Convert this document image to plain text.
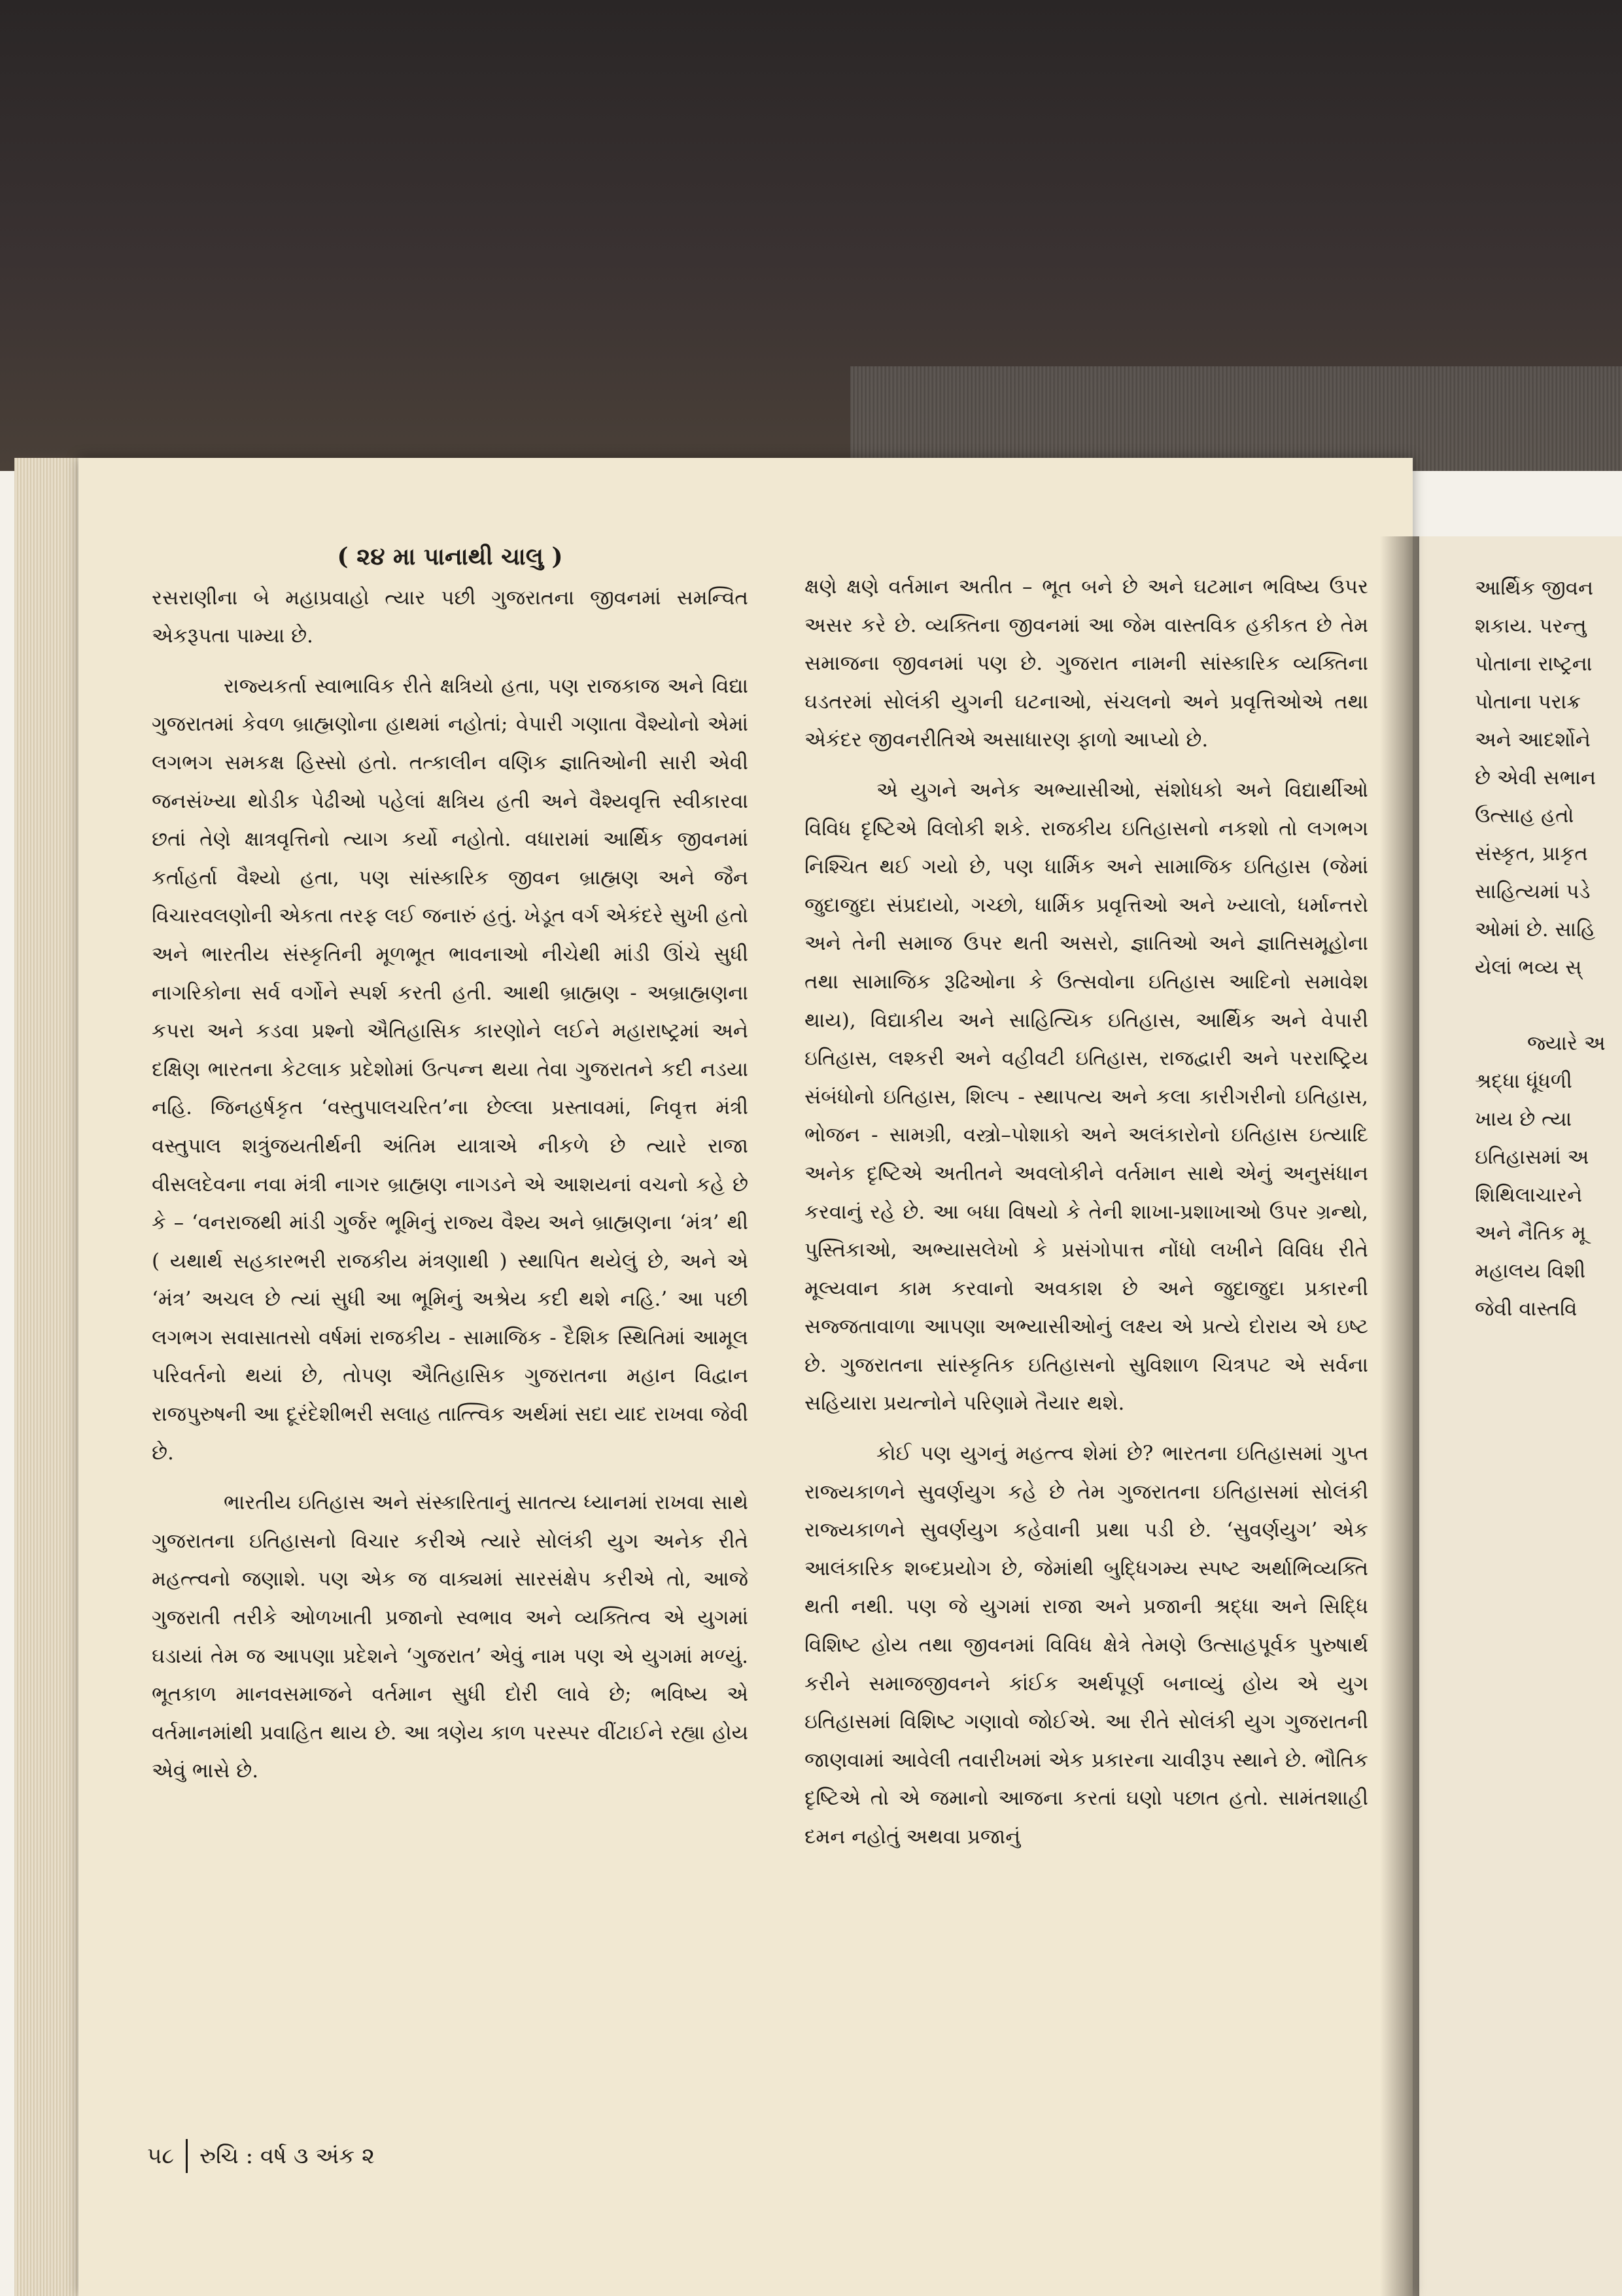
( ૨૪ મા પાનાથી ચાલુ )

રસરાણીના બે મહાપ્રવાહો ત્યાર પછી ગુજરાતના જીવનમાં સમન્વિત એકરૂપતા પામ્યા છે.

રાજ્યકર્તા સ્વાભાવિક રીતે ક્ષત્રિયો હતા, પણ રાજકાજ અને વિદ્યા ગુજરાતમાં કેવળ બ્રાહ્મણોના હાથમાં નહોતાં; વેપારી ગણાતા વૈશ્યોનો એમાં લગભગ સમકક્ષ હિસ્સો હતો. તત્કાલીન વણિક જ્ઞાતિઓની સારી એવી જનસંખ્યા થોડીક પેઢીઓ પહેલાં ક્ષત્રિય હતી અને વૈશ્યવૃત્તિ સ્વીકારવા છતાં તેણે ક્ષાત્રવૃત્તિનો ત્યાગ કર્યો નહોતો. વધારામાં આર્થિક જીવનમાં કર્તાહર્તા વૈશ્યો હતા, પણ સાંસ્કારિક જીવન બ્રાહ્મણ અને જૈન વિચારવલણોની એકતા તરફ લઈ જનારું હતું. ખેડૂત વર્ગ એકંદરે સુખી હતો અને ભારતીય સંસ્કૃતિની મૂળભૂત ભાવનાઓ નીચેથી માંડી ઊંચે સુધી નાગરિકોના સર્વ વર્ગોને સ્પર્શ કરતી હતી. આથી બ્રાહ્મણ - અબ્રાહ્મણના કપરા અને કડવા પ્રશ્નો ઐતિહાસિક કારણોને લઈને મહારાષ્ટ્રમાં અને દક્ષિણ ભારતના કેટલાક પ્રદેશોમાં ઉત્પન્ન થયા તેવા ગુજરાતને કદી નડયા નહિ. જિનહર્ષકૃત ‘વસ્તુપાલચરિત’ના છેલ્લા પ્રસ્તાવમાં, નિવૃત્ત મંત્રી વસ્તુપાલ શત્રુંજયતીર્થની અંતિમ યાત્રાએ નીકળે છે ત્યારે રાજા વીસલદેવના નવા મંત્રી નાગર બ્રાહ્મણ નાગડને એ આશયનાં વચનો કહે છે કે – ‘વનરાજથી માંડી ગુર્જર ભૂમિનું રાજ્ય વૈશ્ય અને બ્રાહ્મણના ‘મંત્ર’ થી ( યથાર્થ સહકારભરી રાજકીય મંત્રણાથી ) સ્થાપિત થયેલું છે, અને એ ‘મંત્ર’ અચલ છે ત્યાં સુધી આ ભૂમિનું અશ્રેય કદી થશે નહિ.’ આ પછી લગભગ સવાસાતસો વર્ષમાં રાજકીય - સામાજિક - દૈશિક સ્થિતિમાં આમૂલ પરિવર્તનો થયાં છે, તોપણ ઐતિહાસિક ગુજરાતના મહાન વિદ્વાન રાજપુરુષની આ દૂરંદેશીભરી સલાહ તાત્ત્વિક અર્થમાં સદા યાદ રાખવા જેવી છે.

ભારતીય ઇતિહાસ અને સંસ્કારિતાનું સાતત્ય ધ્યાનમાં રાખવા સાથે ગુજરાતના ઇતિહાસનો વિચાર કરીએ ત્યારે સોલંકી યુગ અનેક રીતે મહત્ત્વનો જણાશે. પણ એક જ વાક્યમાં સારસંક્ષેપ કરીએ તો, આજે ગુજરાતી તરીકે ઓળખાતી પ્રજાનો સ્વભાવ અને વ્યક્તિત્વ એ યુગમાં ઘડાયાં તેમ જ આપણા પ્રદેશને ‘ગુજરાત’ એવું નામ પણ એ યુગમાં મળ્યું. ભૂતકાળ માનવસમાજને વર્તમાન સુધી દોરી લાવે છે; ભવિષ્ય એ વર્તમાનમાંથી પ્રવાહિત થાય છે. આ ત્રણેય કાળ પરસ્પર વીંટાઈને રહ્યા હોય એવું ભાસે છે.

ક્ષણે ક્ષણે વર્તમાન અતીત – ભૂત બને છે અને ઘટમાન ભવિષ્ય ઉપર અસર કરે છે. વ્યક્તિના જીવનમાં આ જેમ વાસ્તવિક હકીકત છે તેમ સમાજના જીવનમાં પણ છે. ગુજરાત નામની સાંસ્કારિક વ્યક્તિના ઘડતરમાં સોલંકી યુગની ઘટનાઓ, સંચલનો અને પ્રવૃત્તિઓએ તથા એકંદર જીવનરીતિએ અસાધારણ ફાળો આપ્યો છે.

એ યુગને અનેક અભ્યાસીઓ, સંશોધકો અને વિદ્યાર્થીઓ વિવિધ દૃષ્ટિએ વિલોકી શકે. રાજકીય ઇતિહાસનો નકશો તો લગભગ નિશ્ચિત થઈ ગયો છે, પણ ધાર્મિક અને સામાજિક ઇતિહાસ (જેમાં જુદાજુદા સંપ્રદાયો, ગચ્છો, ધાર્મિક પ્રવૃત્તિઓ અને ખ્યાલો, ધર્માન્તરો અને તેની સમાજ ઉપર થતી અસરો, જ્ઞાતિઓ અને જ્ઞાતિસમૂહોના તથા સામાજિક રૂઢિઓના કે ઉત્સવોના ઇતિહાસ આદિનો સમાવેશ થાય), વિદ્યાકીય અને સાહિત્યિક ઇતિહાસ, આર્થિક અને વેપારી ઇતિહાસ, લશ્કરી અને વહીવટી ઇતિહાસ, રાજદ્વારી અને પરરાષ્ટ્રિય સંબંધોનો ઇતિહાસ, શિલ્પ - સ્થાપત્ય અને કલા કારીગરીનો ઇતિહાસ, ભોજન - સામગ્રી, વસ્ત્રો–પોશાકો અને અલંકારોનો ઇતિહાસ ઇત્યાદિ અનેક દૃષ્ટિએ અતીતને અવલોકીને વર્તમાન સાથે એનું અનુસંધાન કરવાનું રહે છે. આ બધા વિષયો કે તેની શાખા-પ્રશાખાઓ ઉપર ગ્રન્થો, પુસ્તિકાઓ, અભ્યાસલેખો કે પ્રસંગોપાત્ત નોંધો લખીને વિવિધ રીતે મૂલ્યવાન કામ કરવાનો અવકાશ છે અને જુદાજુદા પ્રકારની સજ્જતાવાળા આપણા અભ્યાસીઓનું લક્ષ્ય એ પ્રત્યે દોરાય એ ઇષ્ટ છે. ગુજરાતના સાંસ્કૃતિક ઇતિહાસનો સુવિશાળ ચિત્રપટ એ સર્વના સહિયારા પ્રયત્નોને પરિણામે તૈયાર થશે.

કોઈ પણ યુગનું મહત્ત્વ શેમાં છે? ભારતના ઇતિહાસમાં ગુપ્ત રાજ્યકાળને સુવર્ણયુગ કહે છે તેમ ગુજરાતના ઇતિહાસમાં સોલંકી રાજ્યકાળને સુવર્ણયુગ કહેવાની પ્રથા પડી છે. ‘સુવર્ણયુગ’ એક આલંકારિક શબ્દપ્રયોગ છે, જેમાંથી બુદ્ધિગમ્ય સ્પષ્ટ અર્થાભિવ્યક્તિ થતી નથી. પણ જે યુગમાં રાજા અને પ્રજાની શ્રદ્ધા અને સિદ્ધિ વિશિષ્ટ હોય તથા જીવનમાં વિવિધ ક્ષેત્રે તેમણે ઉત્સાહપૂર્વક પુરુષાર્થ કરીને સમાજજીવનને કાંઈક અર્થપૂર્ણ બનાવ્યું હોય એ યુગ ઇતિહાસમાં વિશિષ્ટ ગણાવો જોઈએ. આ રીતે સોલંકી યુગ ગુજરાતની જાણવામાં આવેલી તવારીખમાં એક પ્રકારના ચાવીરૂપ સ્થાને છે. ભૌતિક દૃષ્ટિએ તો એ જમાનો આજના કરતાં ઘણો પછાત હતો. સામંતશાહી દમન નહોતું અથવા પ્રજાનું

આર્થિક જીવન
શકાય. પરન્તુ
પોતાના રાષ્ટ્રના
પોતાના પરાક્ર
અને આદર્શોને
છે એવી સભાન
ઉત્સાહ હતો
સંસ્કૃત, પ્રાકૃત
સાહિત્યમાં પડે
ઓમાં છે. સાહિ
યેલાં ભવ્ય સ્
જ્યારે અ
શ્રદ્ધા ધૂંધળી
ખાય છે ત્યા
ઇતિહાસમાં અ
શિથિલાચારને
અને નૈતિક મૂ
મહાલય વિશી
જેવી વાસ્તવિ
૫૮ રુચિ : વર્ષ ૩ અંક ૨
